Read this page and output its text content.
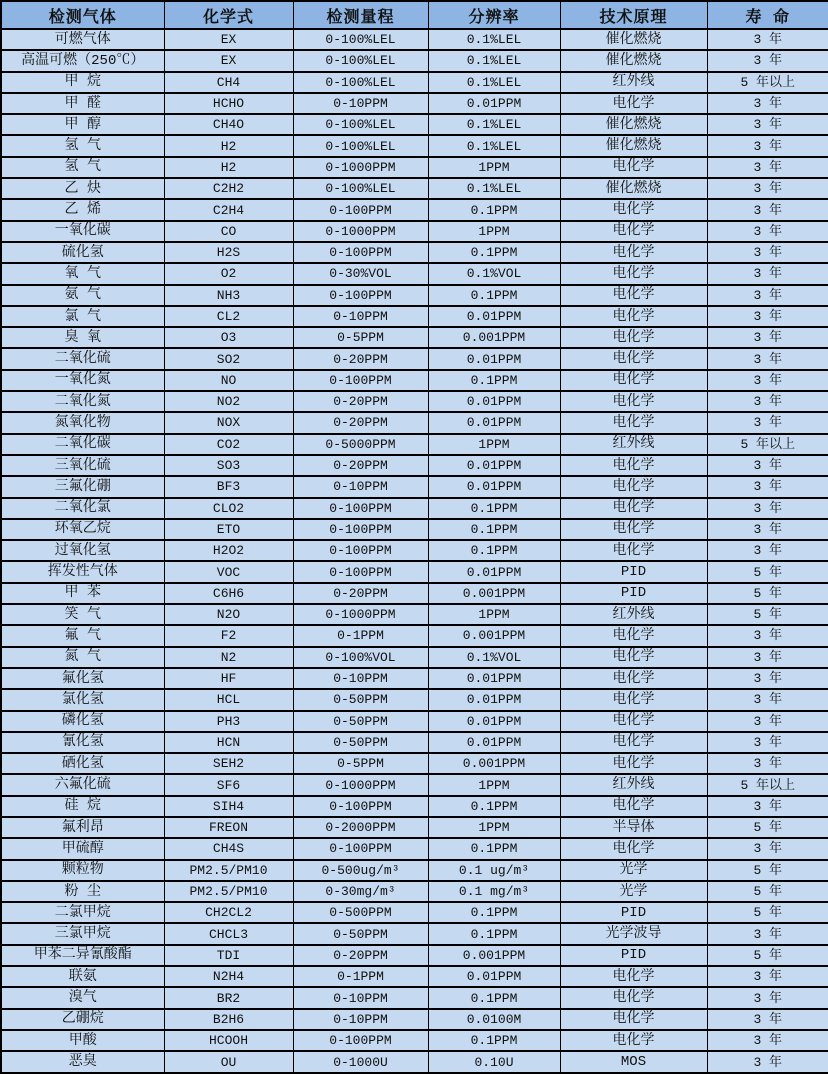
检测气体	化学式	检测量程	分辨率	技术原理	寿 命
可燃气体	EX	0-100%LEL	0.1%LEL	催化燃烧	3 年
高温可燃（250℃）	EX	0-100%LEL	0.1%LEL	催化燃烧	3 年
甲 烷	CH4	0-100%LEL	0.1%LEL	红外线	5 年以上
甲 醛	HCHO	0-10PPM	0.01PPM	电化学	3 年
甲 醇	CH4O	0-100%LEL	0.1%LEL	催化燃烧	3 年
氢 气	H2	0-100%LEL	0.1%LEL	催化燃烧	3 年
氢 气	H2	0-1000PPM	1PPM	电化学	3 年
乙 炔	C2H2	0-100%LEL	0.1%LEL	催化燃烧	3 年
乙 烯	C2H4	0-100PPM	0.1PPM	电化学	3 年
一氧化碳	CO	0-1000PPM	1PPM	电化学	3 年
硫化氢	H2S	0-100PPM	0.1PPM	电化学	3 年
氧 气	O2	0-30%VOL	0.1%VOL	电化学	3 年
氨 气	NH3	0-100PPM	0.1PPM	电化学	3 年
氯 气	CL2	0-10PPM	0.01PPM	电化学	3 年
臭 氧	O3	0-5PPM	0.001PPM	电化学	3 年
二氧化硫	SO2	0-20PPM	0.01PPM	电化学	3 年
一氧化氮	NO	0-100PPM	0.1PPM	电化学	3 年
二氧化氮	NO2	0-20PPM	0.01PPM	电化学	3 年
氮氧化物	NOX	0-20PPM	0.01PPM	电化学	3 年
二氧化碳	CO2	0-5000PPM	1PPM	红外线	5 年以上
三氧化硫	SO3	0-20PPM	0.01PPM	电化学	3 年
三氟化硼	BF3	0-10PPM	0.01PPM	电化学	3 年
二氧化氯	CLO2	0-100PPM	0.1PPM	电化学	3 年
环氧乙烷	ETO	0-100PPM	0.1PPM	电化学	3 年
过氧化氢	H2O2	0-100PPM	0.1PPM	电化学	3 年
挥发性气体	VOC	0-100PPM	0.01PPM	PID	5 年
甲 苯	C6H6	0-20PPM	0.001PPM	PID	5 年
笑 气	N2O	0-1000PPM	1PPM	红外线	5 年
氟 气	F2	0-1PPM	0.001PPM	电化学	3 年
氮 气	N2	0-100%VOL	0.1%VOL	电化学	3 年
氟化氢	HF	0-10PPM	0.01PPM	电化学	3 年
氯化氢	HCL	0-50PPM	0.01PPM	电化学	3 年
磷化氢	PH3	0-50PPM	0.01PPM	电化学	3 年
氰化氢	HCN	0-50PPM	0.01PPM	电化学	3 年
硒化氢	SEH2	0-5PPM	0.001PPM	电化学	3 年
六氟化硫	SF6	0-1000PPM	1PPM	红外线	5 年以上
硅 烷	SIH4	0-100PPM	0.1PPM	电化学	3 年
氟利昂	FREON	0-2000PPM	1PPM	半导体	5 年
甲硫醇	CH4S	0-100PPM	0.1PPM	电化学	3 年
颗粒物	PM2.5/PM10	0-500ug/m³	0.1 ug/m³	光学	5 年
粉 尘	PM2.5/PM10	0-30mg/m³	0.1 mg/m³	光学	5 年
二氯甲烷	CH2CL2	0-500PPM	0.1PPM	PID	5 年
三氯甲烷	CHCL3	0-50PPM	0.1PPM	光学波导	3 年
甲苯二异氰酸酯	TDI	0-20PPM	0.001PPM	PID	5 年
联氨	N2H4	0-1PPM	0.01PPM	电化学	3 年
溴气	BR2	0-10PPM	0.1PPM	电化学	3 年
乙硼烷	B2H6	0-10PPM	0.0100M	电化学	3 年
甲酸	HCOOH	0-100PPM	0.1PPM	电化学	3 年
恶臭	OU	0-1000U	0.10U	MOS	3 年
